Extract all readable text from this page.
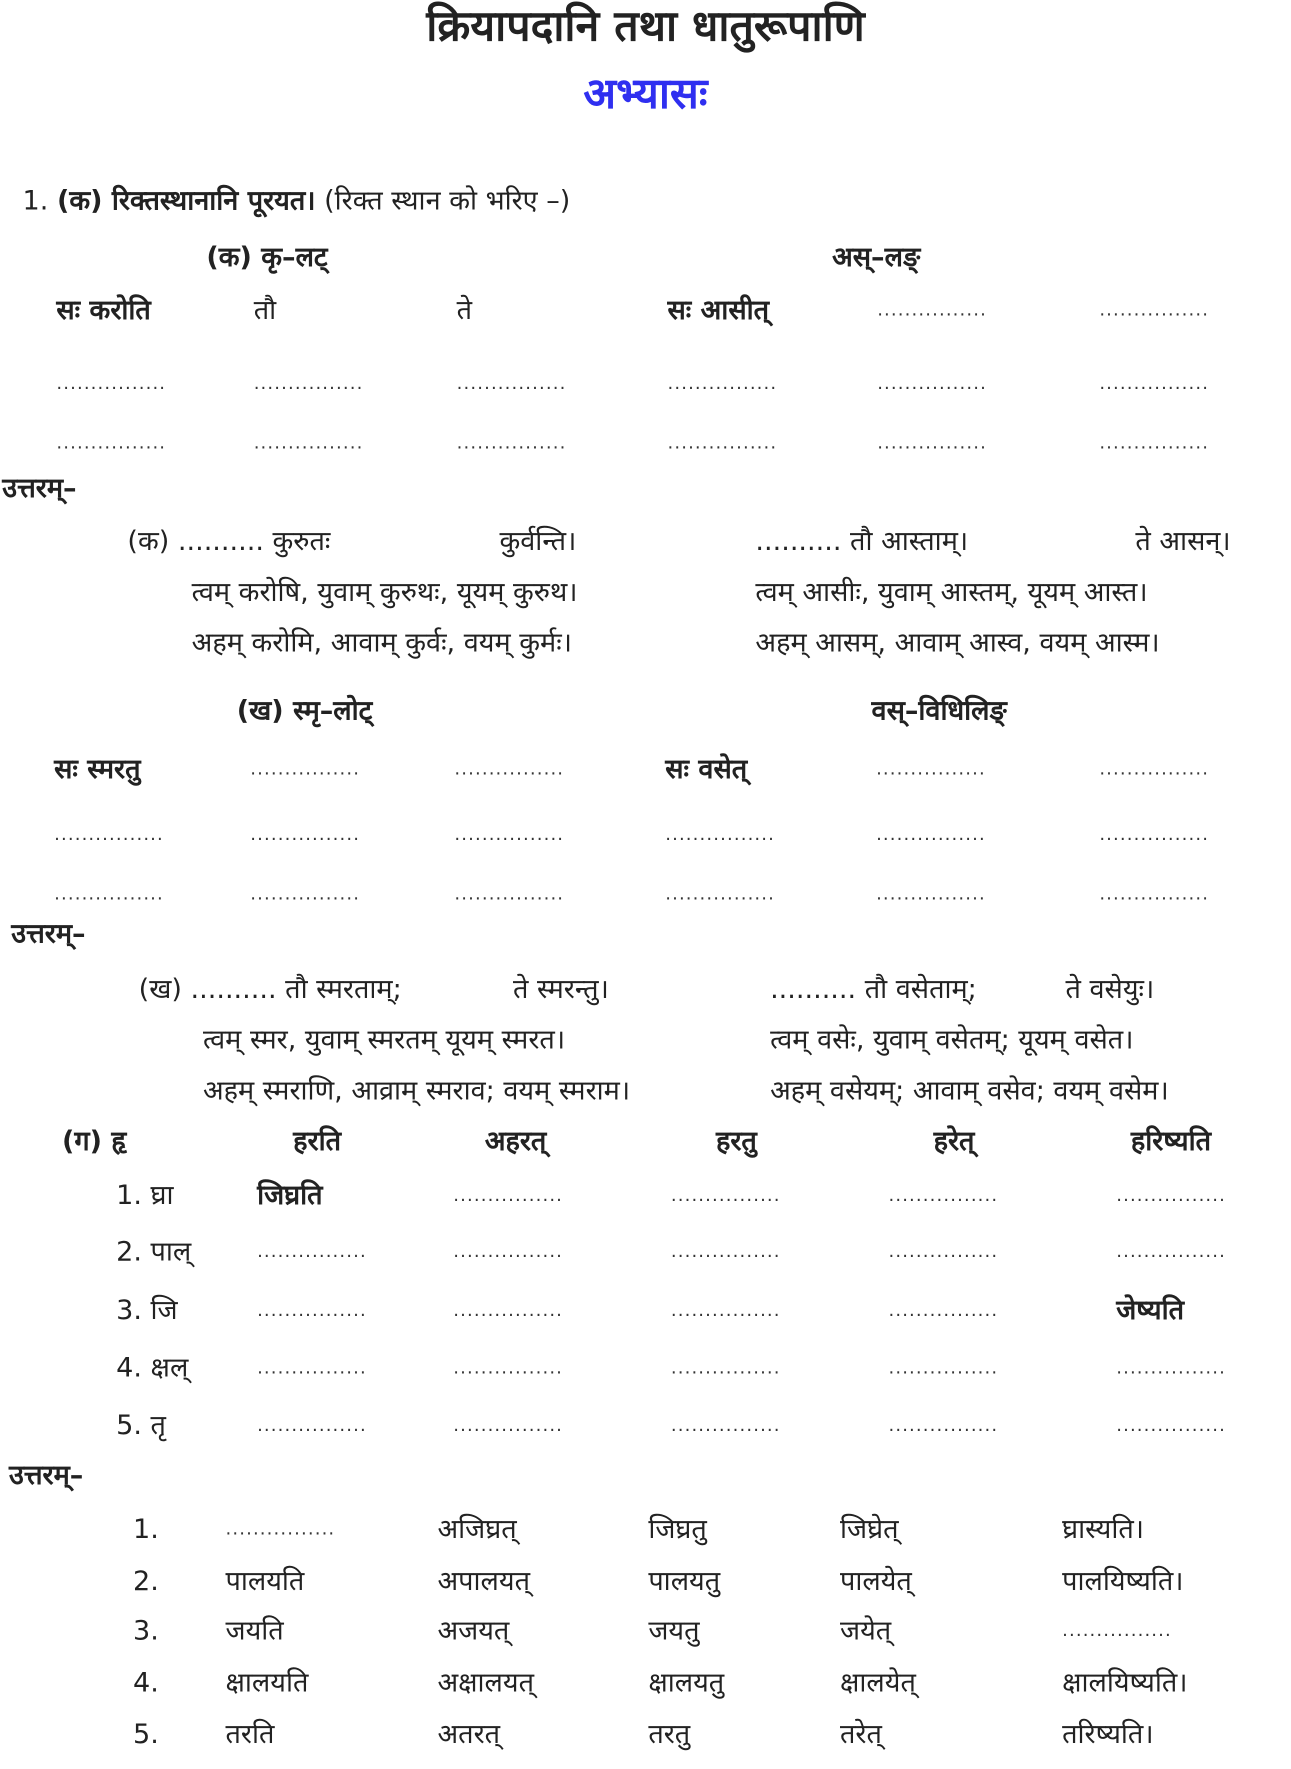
क्रियापदानि तथा धातुरूपाणि
अभ्यासः
1. (क) रिक्तस्थानानि पूरयत। (रिक्त स्थान को भरिए –)
(क) कृ–लट्	अस्–लङ्
उत्तरम्–
(ख) स्मृ–लोट्	वस्–विधिलिङ्
उत्तरम्–
उत्तरम्–
सः करोति	तौ	ते	सः आसीत्	................	................
................	................	................	................	................	................
................	................	................	................	................	................
(क) .......... कुरुतः	कुर्वन्ति।	.......... तौ आस्ताम्।	ते आसन्।
त्वम् करोषि, युवाम् कुरुथः, यूयम् कुरुथ।	त्वम् आसीः, युवाम् आस्तम्, यूयम् आस्त।
अहम् करोमि, आवाम् कुर्वः, वयम् कुर्मः।	अहम् आसम्, आवाम् आस्व, वयम् आस्म।
सः स्मरतु	................	................	सः वसेत्	................	................
................	................	................	................	................	................
................	................	................	................	................	................
(ख) .......... तौ स्मरताम्;	ते स्मरन्तु।	.......... तौ वसेताम्;	ते वसेयुः।
त्वम् स्मर, युवाम् स्मरतम् यूयम् स्मरत।	त्वम् वसेः, युवाम् वसेतम्; यूयम् वसेत।
अहम् स्मराणि, आव्राम् स्मराव; वयम् स्मराम।	अहम् वसेयम्; आवाम् वसेव; वयम् वसेम।
(ग) हृ	हरति	अहरत्	हरतु	हरेत्	हरिष्यति
1. घ्रा	जिघ्रति	................	................	................	................
2. पाल्	................	................	................	................	................
3. जि	................	................	................	................	जेष्यति
4. क्षल्	................	................	................	................	................
5. तृ	................	................	................	................	................
1.	................	अजिघ्रत्	जिघ्रतु	जिघ्रेत्	घ्रास्यति।
2.	पालयति	अपालयत्	पालयतु	पालयेत्	पालयिष्यति।
3.	जयति	अजयत्	जयतु	जयेत्	................
4.	क्षालयति	अक्षालयत्	क्षालयतु	क्षालयेत्	क्षालयिष्यति।
5.	तरति	अतरत्	तरतु	तरेत्	तरिष्यति।
